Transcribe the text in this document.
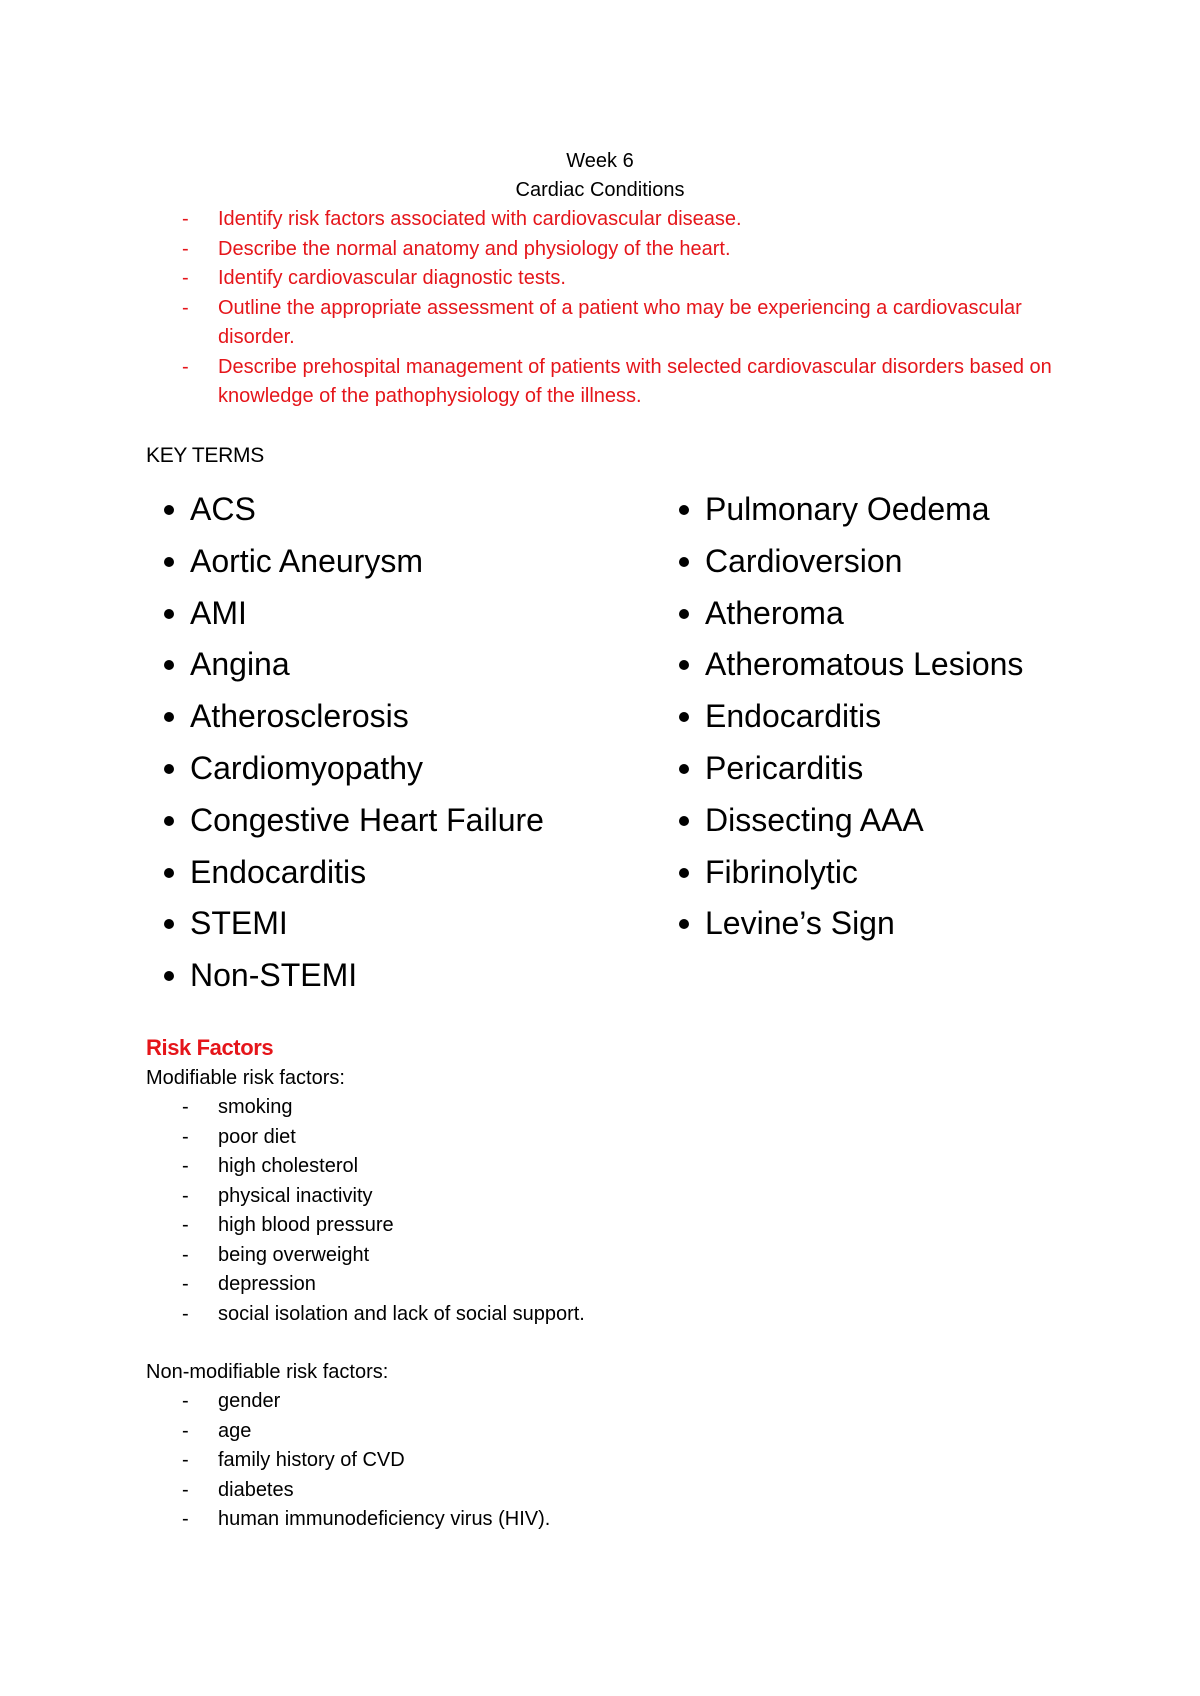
Week 6
Cardiac Conditions
- Identify risk factors associated with cardiovascular disease.
- Describe the normal anatomy and physiology of the heart.
- Identify cardiovascular diagnostic tests.
- Outline the appropriate assessment of a patient who may be experiencing a cardiovascular disorder.
- Describe prehospital management of patients with selected cardiovascular disorders based on knowledge of the pathophysiology of the illness.
KEY TERMS
ACS
Aortic Aneurysm
AMI
Angina
Atherosclerosis
Cardiomyopathy
Congestive Heart Failure
Endocarditis
STEMI
Non-STEMI
Pulmonary Oedema
Cardioversion
Atheroma
Atheromatous Lesions
Endocarditis
Pericarditis
Dissecting AAA
Fibrinolytic
Levine’s Sign
Risk Factors
Modifiable risk factors:
- smoking
- poor diet
- high cholesterol
- physical inactivity
- high blood pressure
- being overweight
- depression
- social isolation and lack of social support.
Non-modifiable risk factors:
- gender
- age
- family history of CVD
- diabetes
- human immunodeficiency virus (HIV).
